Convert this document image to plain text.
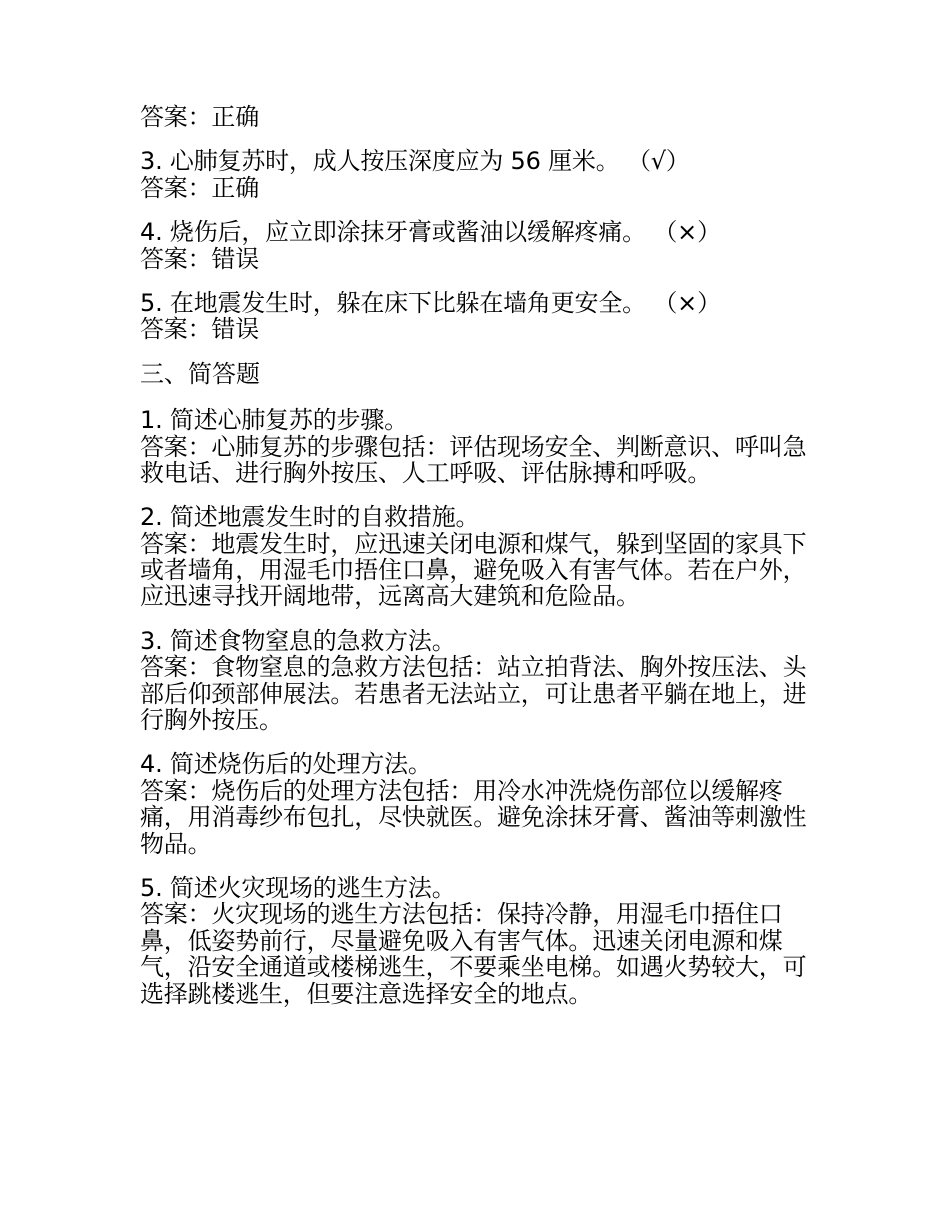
答案：正确
3. 心肺复苏时，成人按压深度应为 56 厘米。 （√）
答案：正确
4. 烧伤后，应立即涂抹牙膏或酱油以缓解疼痛。 （×）
答案：错误
5. 在地震发生时，躲在床下比躲在墙角更安全。 （×）
答案：错误
三、简答题
1. 简述心肺复苏的步骤。
答案：心肺复苏的步骤包括：评估现场安全、判断意识、呼叫急救电话、进行胸外按压、人工呼吸、评估脉搏和呼吸。
2. 简述地震发生时的自救措施。
答案：地震发生时，应迅速关闭电源和煤气，躲到坚固的家具下或者墙角，用湿毛巾捂住口鼻，避免吸入有害气体。若在户外，应迅速寻找开阔地带，远离高大建筑和危险品。
3. 简述食物窒息的急救方法。
答案：食物窒息的急救方法包括：站立拍背法、胸外按压法、头部后仰颈部伸展法。若患者无法站立，可让患者平躺在地上，进行胸外按压。
4. 简述烧伤后的处理方法。
答案：烧伤后的处理方法包括：用冷水冲洗烧伤部位以缓解疼痛，用消毒纱布包扎，尽快就医。避免涂抹牙膏、酱油等刺激性物品。
5. 简述火灾现场的逃生方法。
答案：火灾现场的逃生方法包括：保持冷静，用湿毛巾捂住口鼻，低姿势前行，尽量避免吸入有害气体。迅速关闭电源和煤气，沿安全通道或楼梯逃生，不要乘坐电梯。如遇火势较大，可选择跳楼逃生，但要注意选择安全的地点。
